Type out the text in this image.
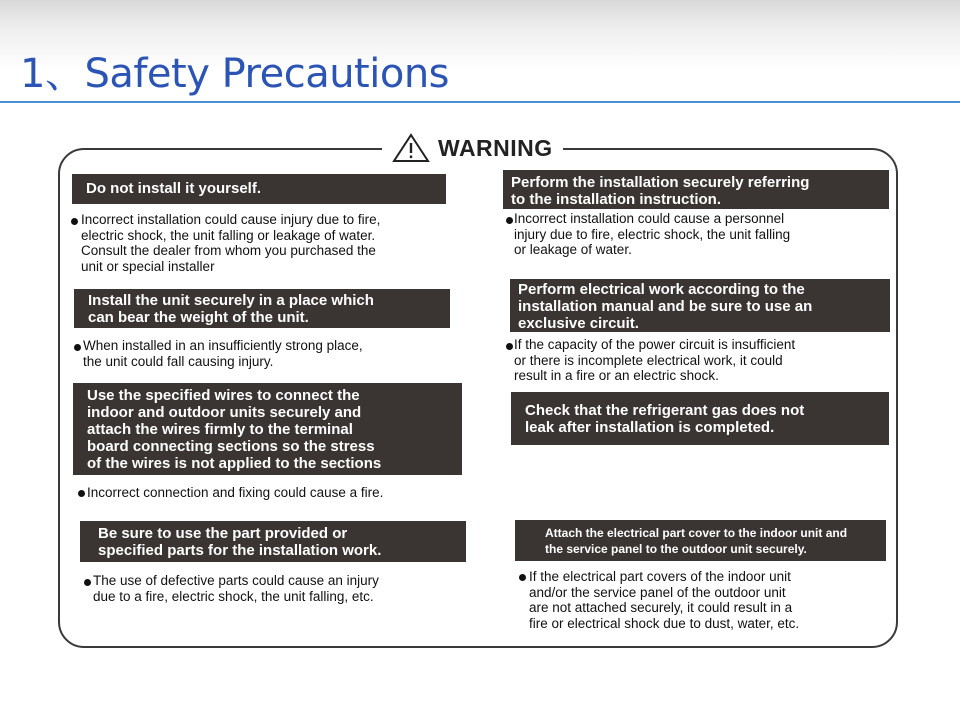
1、Safety Precautions
WARNING
Do not install it yourself.

Incorrect installation could cause injury due to fire,
electric shock, the unit falling or leakage of water.
Consult the dealer from whom you purchased the
unit or special installer

Install the unit securely in a place which
can bear the weight of the unit.

When installed in an insufficiently strong place,
the unit could fall causing injury.

Use the specified wires to connect the
indoor and outdoor units securely and
attach the wires firmly to the terminal
board connecting sections so the stress
of the wires is not applied to the sections

Incorrect connection and fixing could cause a fire.

Be sure to use the part provided or
specified parts for the installation work.

The use of defective parts could cause an injury
due to a fire, electric shock, the unit falling, etc.

Perform the installation securely referring
to the installation instruction.

Incorrect installation could cause a personnel
injury due to fire, electric shock, the unit falling
or leakage of water.

Perform electrical work according to the
installation manual and be sure to use an
exclusive circuit.

If the capacity of the power circuit is insufficient
or there is incomplete electrical work, it could
result in a fire or an electric shock.

Check that the refrigerant gas does not
leak after installation is completed.
Attach the electrical part cover to the indoor unit and
the service panel to the outdoor unit securely.

If the electrical part covers of the indoor unit
and/or the service panel of the outdoor unit
are not attached securely, it could result in a
fire or electrical shock due to dust, water, etc.
